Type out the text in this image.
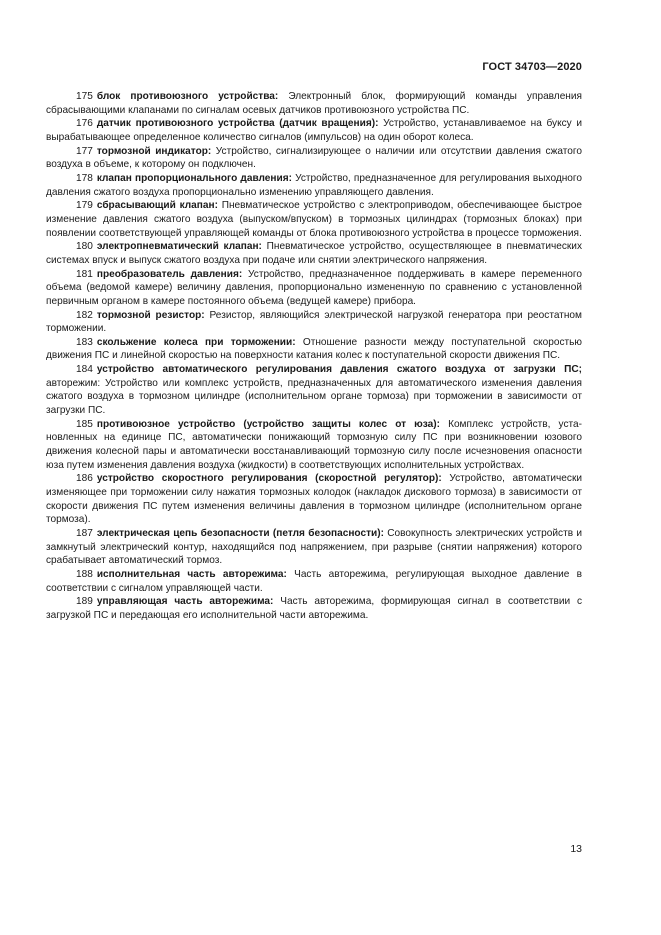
ГОСТ 34703—2020

175 блок противоюзного устройства: Электронный блок, формирующий команды управления сбрасывающими клапанами по сигналам осевых датчиков противоюзного устройства ПС.

176 датчик противоюзного устройства (датчик вращения): Устройство, устанавливаемое на буксу и вырабатывающее определенное количество сигналов (импульсов) на один оборот колеса.

177 тормозной индикатор: Устройство, сигнализирующее о наличии или отсутствии давления сжатого воздуха в объеме, к которому он подключен.

178 клапан пропорционального давления: Устройство, предназначенное для регулирования выходного давления сжатого воздуха пропорционально изменению управляющего давления.

179 сбрасывающий клапан: Пневматическое устройство с электроприводом, обеспечивающее быстрое изменение давления сжатого воздуха (выпуском/впуском) в тормозных цилиндрах (тормозных блоках) при появлении соответствующей управляющей команды от блока противоюзного устройства в процессе торможения.

180 электропневматический клапан: Пневматическое устройство, осуществляющее в пневматических системах впуск и выпуск сжатого воздуха при подаче или снятии электрического напряжения.

181 преобразователь давления: Устройство, предназначенное поддерживать в камере переменного объема (ведомой камере) величину давления, пропорционально измененную по сравнению с установленной первичным органом в камере постоянного объема (ведущей камере) прибора.

182 тормозной резистор: Резистор, являющийся электрической нагрузкой генератора при реостатном торможении.

183 скольжение колеса при торможении: Отношение разности между поступательной скоростью движения ПС и линейной скоростью на поверхности катания колес к поступательной скорости движения ПС.

184 устройство автоматического регулирования давления сжатого воздуха от загрузки ПС; авторежим: Устройство или комплекс устройств, предназначенных для автоматического изменения давления сжатого воздуха в тормозном цилиндре (исполнительном органе тормоза) при торможении в зависимости от загрузки ПС.

185 противоюзное устройство (устройство защиты колес от юза): Комплекс устройств, установленных на единице ПС, автоматически понижающий тормозную силу ПС при возникновении юзового движения колесной пары и автоматически восстанавливающий тормозную силу после исчезновения опасности юза путем изменения давления воздуха (жидкости) в соответствующих исполнительных устройствах.

186 устройство скоростного регулирования (скоростной регулятор): Устройство, автоматически изменяющее при торможении силу нажатия тормозных колодок (накладок дискового тормоза) в зависимости от скорости движения ПС путем изменения величины давления в тормозном цилиндре (исполнительном органе тормоза).

187 электрическая цепь безопасности (петля безопасности): Совокупность электрических устройств и замкнутый электрический контур, находящийся под напряжением, при разрыве (снятии напряжения) которого срабатывает автоматический тормоз.

188 исполнительная часть авторежима: Часть авторежима, регулирующая выходное давление в соответствии с сигналом управляющей части.

189 управляющая часть авторежима: Часть авторежима, формирующая сигнал в соответствии с загрузкой ПС и передающая его исполнительной части авторежима.

13
